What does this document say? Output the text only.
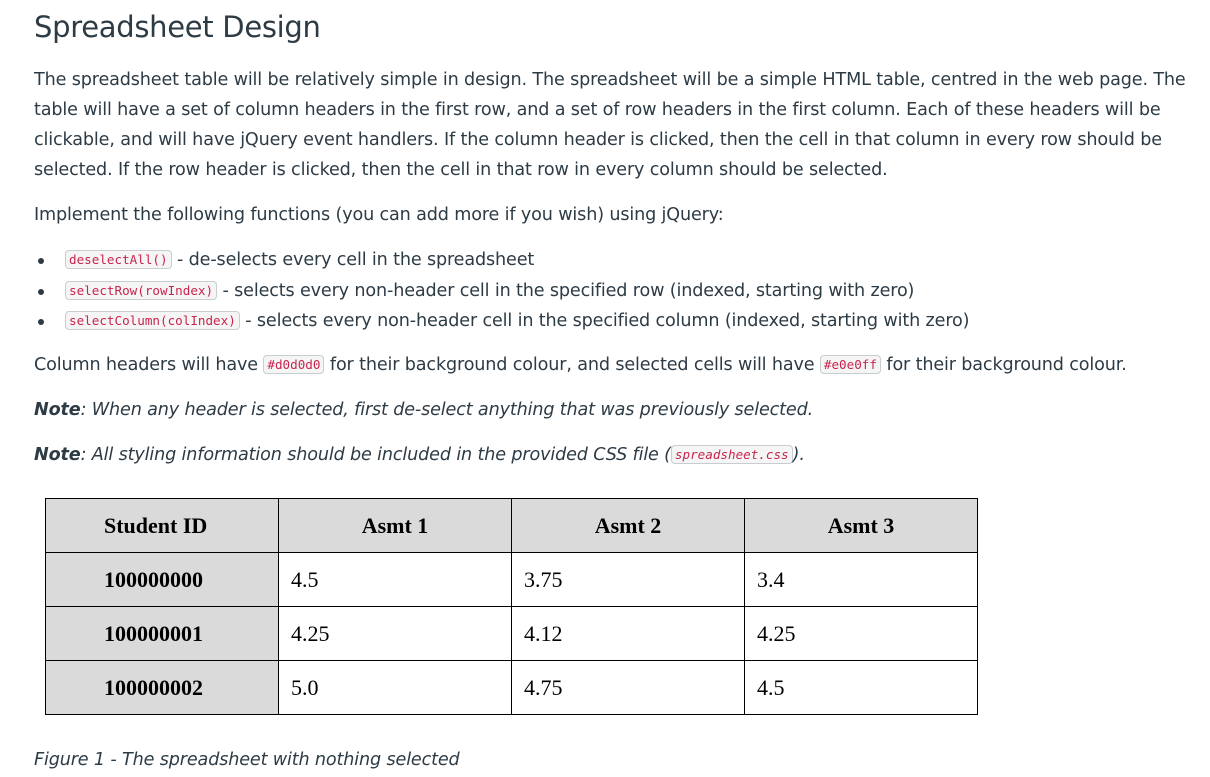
Spreadsheet Design

The spreadsheet table will be relatively simple in design. The spreadsheet will be a simple HTML table, centred in the web page. The table will have a set of column headers in the first row, and a set of row headers in the first column. Each of these headers will be clickable, and will have jQuery event handlers. If the column header is clicked, then the cell in that column in every row should be selected. If the row header is clicked, then the cell in that row in every column should be selected.

Implement the following functions (you can add more if you wish) using jQuery:

deselectAll() - de-selects every cell in the spreadsheet
selectRow(rowIndex) - selects every non-header cell in the specified row (indexed, starting with zero)
selectColumn(colIndex) - selects every non-header cell in the specified column (indexed, starting with zero)

Column headers will have #d0d0d0 for their background colour, and selected cells will have #e0e0ff for their background colour.

Note: When any header is selected, first de-select anything that was previously selected.

Note: All styling information should be included in the provided CSS file ( spreadsheet.css ).

Student ID	Asmt 1	Asmt 2	Asmt 3
100000000	4.5	3.75	3.4
100000001	4.25	4.12	4.25
100000002	5.0	4.75	4.5

Figure 1 - The spreadsheet with nothing selected
